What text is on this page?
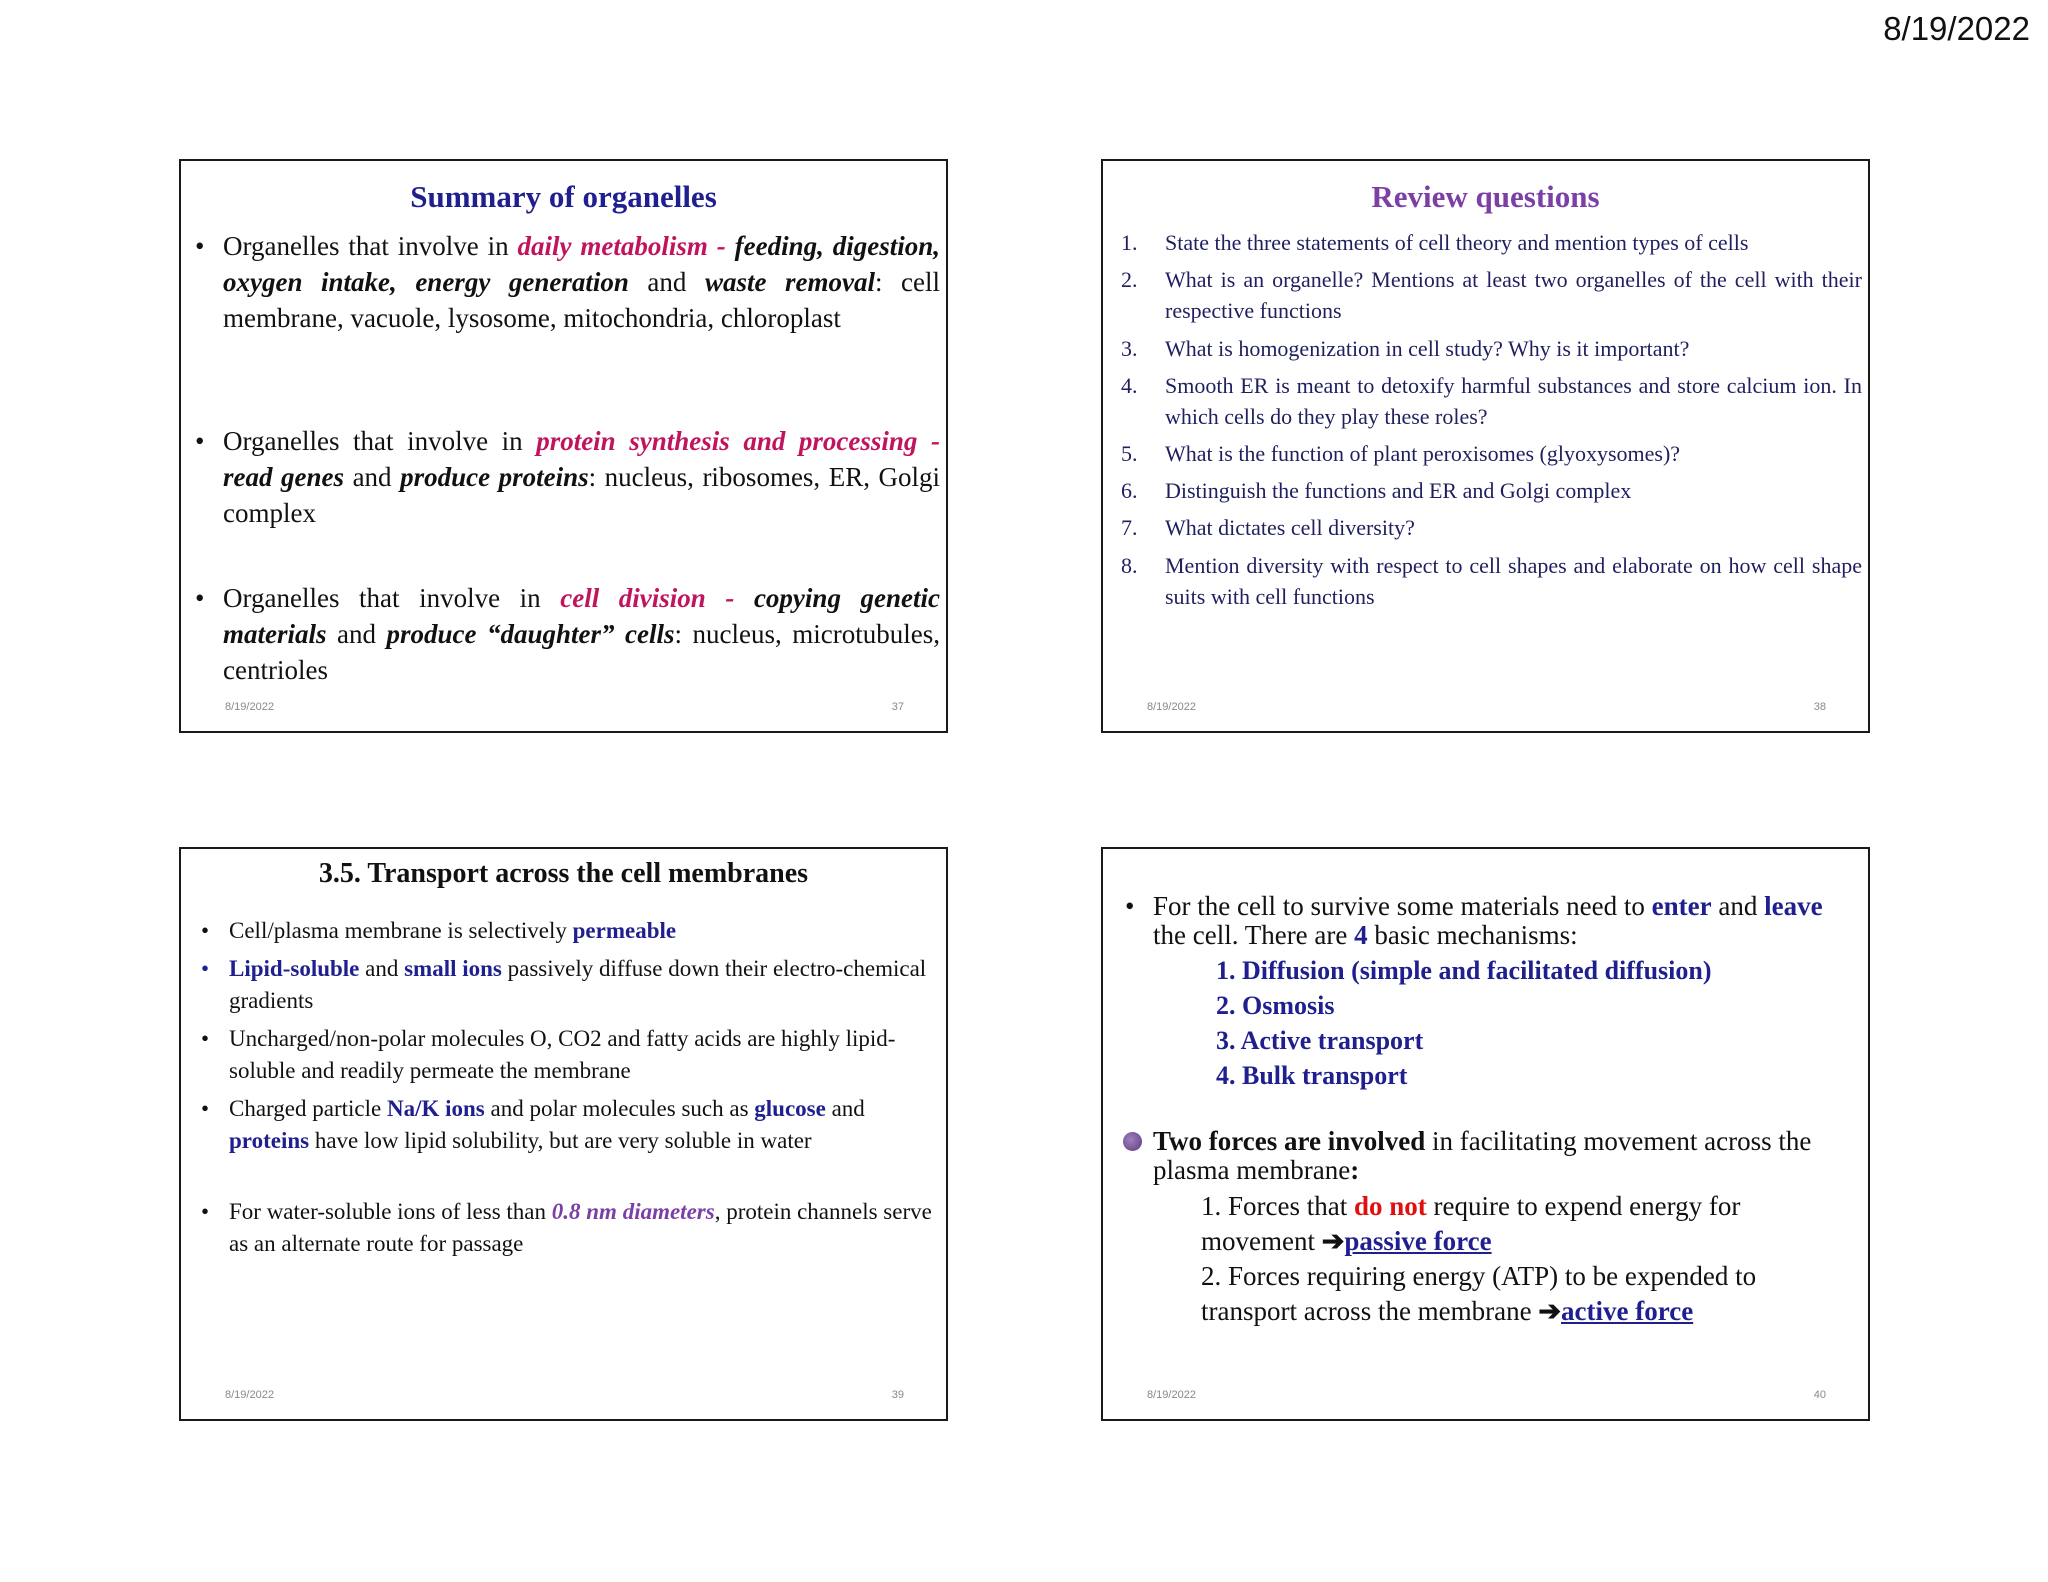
8/19/2022
Summary of organelles
• Organelles that involve in daily metabolism - feeding, digestion, oxygen intake, energy generation and waste removal: cell membrane, vacuole, lysosome, mitochondria, chloroplast
• Organelles that involve in protein synthesis and processing - read genes and produce proteins: nucleus, ribosomes, ER, Golgi complex
• Organelles that involve in cell division - copying genetic materials and produce “daughter” cells: nucleus, microtubules, centrioles
8/19/2022	37
Review questions
1. State the three statements of cell theory and mention types of cells
2. What is an organelle? Mentions at least two organelles of the cell with their respective functions
3. What is homogenization in cell study? Why is it important?
4. Smooth ER is meant to detoxify harmful substances and store calcium ion. In which cells do they play these roles?
5. What is the function of plant peroxisomes (glyoxysomes)?
6. Distinguish the functions and ER and Golgi complex
7. What dictates cell diversity?
8. Mention diversity with respect to cell shapes and elaborate on how cell shape suits with cell functions
8/19/2022	38
3.5. Transport across the cell membranes
• Cell/plasma membrane is selectively permeable
• Lipid-soluble and small ions passively diffuse down their electro-chemical gradients
• Uncharged/non-polar molecules O, CO2 and fatty acids are highly lipid-soluble and readily permeate the membrane
• Charged particle Na/K ions and polar molecules such as glucose and proteins have low lipid solubility, but are very soluble in water
• For water-soluble ions of less than 0.8 nm diameters, protein channels serve as an alternate route for passage
8/19/2022	39
• For the cell to survive some materials need to enter and leave the cell. There are 4 basic mechanisms:
1. Diffusion (simple and facilitated diffusion)
2. Osmosis
3. Active transport
4. Bulk transport
Two forces are involved in facilitating movement across the plasma membrane:
1. Forces that do not require to expend energy for movement ➔passive force
2. Forces requiring energy (ATP) to be expended to transport across the membrane ➔active force
8/19/2022	40
